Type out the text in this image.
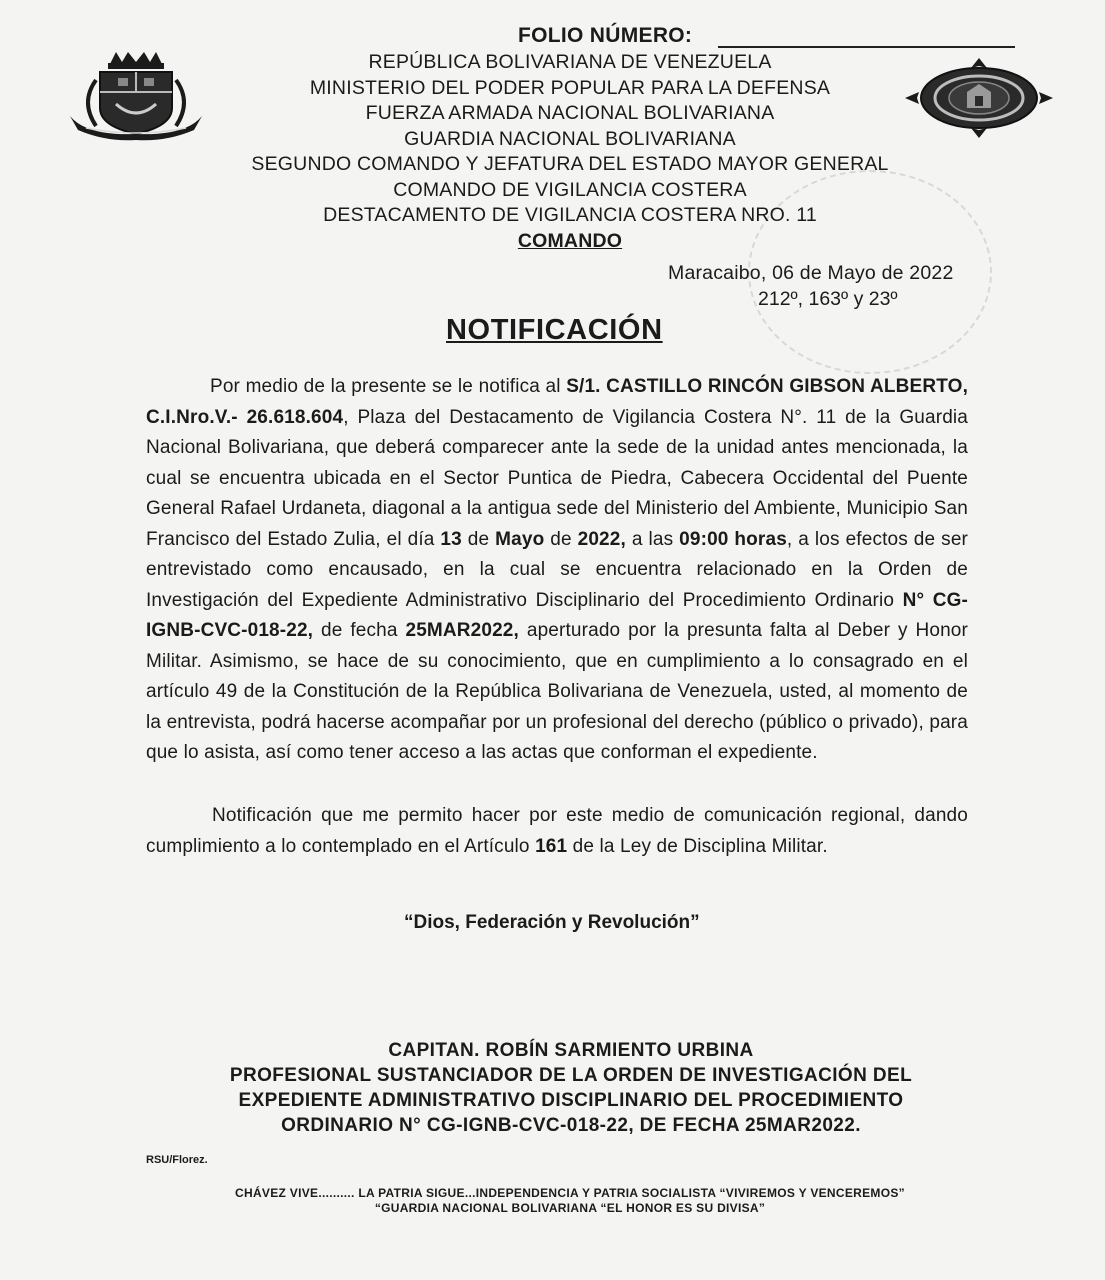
FOLIO NÚMERO:
REPÚBLICA BOLIVARIANA DE VENEZUELA
MINISTERIO DEL PODER POPULAR PARA LA DEFENSA
FUERZA ARMADA NACIONAL BOLIVARIANA
GUARDIA NACIONAL BOLIVARIANA
SEGUNDO COMANDO Y JEFATURA DEL ESTADO MAYOR GENERAL
COMANDO DE VIGILANCIA COSTERA
DESTACAMENTO DE VIGILANCIA COSTERA NRO. 11
COMANDO
Maracaibo, 06 de Mayo de 2022
212º, 163º y 23º
NOTIFICACIÓN
Por medio de la presente se le notifica al S/1. CASTILLO RINCÓN GIBSON ALBERTO, C.I.Nro.V.- 26.618.604, Plaza del Destacamento de Vigilancia Costera N°. 11 de la Guardia Nacional Bolivariana, que deberá comparecer ante la sede de la unidad antes mencionada, la cual se encuentra ubicada en el Sector Puntica de Piedra, Cabecera Occidental del Puente General Rafael Urdaneta, diagonal a la antigua sede del Ministerio del Ambiente, Municipio San Francisco del Estado Zulia, el día 13 de Mayo de 2022, a las 09:00 horas, a los efectos de ser entrevistado como encausado, en la cual se encuentra relacionado en la Orden de Investigación del Expediente Administrativo Disciplinario del Procedimiento Ordinario N° CG-IGNB-CVC-018-22, de fecha 25MAR2022, aperturado por la presunta falta al Deber y Honor Militar. Asimismo, se hace de su conocimiento, que en cumplimiento a lo consagrado en el artículo 49 de la Constitución de la República Bolivariana de Venezuela, usted, al momento de la entrevista, podrá hacerse acompañar por un profesional del derecho (público o privado), para que lo asista, así como tener acceso a las actas que conforman el expediente.
Notificación que me permito hacer por este medio de comunicación regional, dando cumplimiento a lo contemplado en el Artículo 161 de la Ley de Disciplina Militar.
“Dios, Federación y Revolución”
CAPITAN. ROBÍN SARMIENTO URBINA
PROFESIONAL SUSTANCIADOR DE LA ORDEN DE INVESTIGACIÓN DEL
EXPEDIENTE ADMINISTRATIVO DISCIPLINARIO DEL PROCEDIMIENTO
ORDINARIO N° CG-IGNB-CVC-018-22, DE FECHA 25MAR2022.
RSU/Florez.
CHÁVEZ VIVE.......... LA PATRIA SIGUE...INDEPENDENCIA Y PATRIA SOCIALISTA “VIVIREMOS Y VENCEREMOS”
“GUARDIA NACIONAL BOLIVARIANA “EL HONOR ES SU DIVISA”
